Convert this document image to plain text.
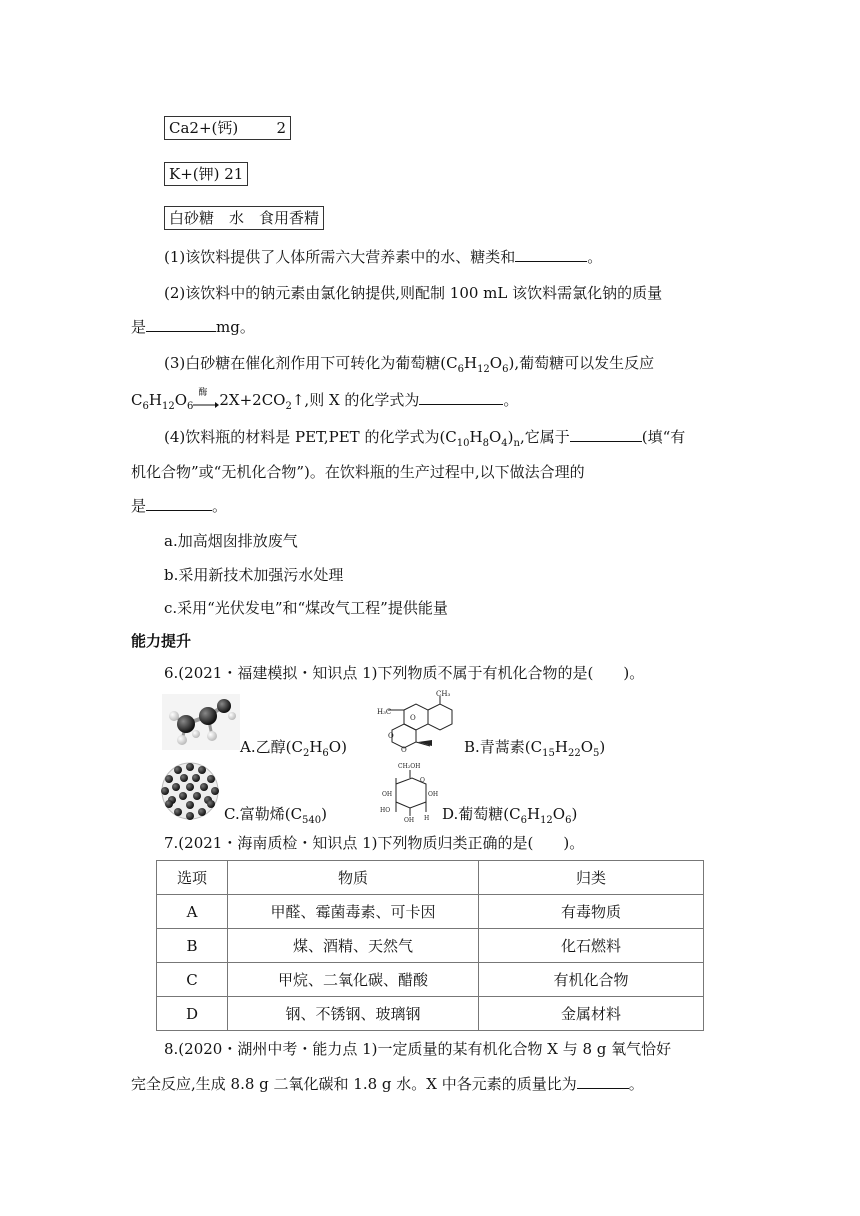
Ca2+(钙)	2
K+(钾) 21
白砂糖　水　食用香精
(1)该饮料提供了人体所需六大营养素中的水、糖类和	。
(2)该饮料中的钠元素由氯化钠提供,则配制 100 mL 该饮料需氯化钠的质量
是	mg。
(3)白砂糖在催化剂作用下可转化为葡萄糖$(C_6H_{12}O_6)$,葡萄糖可以发生反应
$C_6H_{12}O_6$
酶 $2X+2CO_2↑$,则 X 的化学式为	。
(4)饮料瓶的材料是 PET,PET 的化学式为$(C_{10}H_8O_4)_n$,它属于	(填“有
机化合物”或“无机化合物”)。在饮料瓶的生产过程中,以下做法合理的
是	。
a.加高烟囱排放废气
b.采用新技术加强污水处理
c.采用“光伏发电”和“煤改气工程”提供能量
能力提升
6.(2021・福建模拟・知识点 1)下列物质不属于有机化合物的是(　　)。
A.乙醇$(C_2H_6O)$
H₃C
CH₃
O
O
O	B.青蒿素$(C_{15}H_{22}O_5)$
C.富勒烯$(C_{540})$
CH₂OH
O
OH	OH
HO
OH H D.葡萄糖$(C_6H_{12}O_6)$
7.(2021・海南质检・知识点 1)下列物质归类正确的是(　　)。
选项	物质	归类
A	甲醛、霉菌毒素、可卡因	有毒物质
B	煤、酒精、天然气	化石燃料
C	甲烷、二氧化碳、醋酸	有机化合物
D	钢、不锈钢、玻璃钢	金属材料
8.(2020・湖州中考・能力点 1)一定质量的某有机化合物 X 与 8 g 氧气恰好
完全反应,生成 8.8 g 二氧化碳和 1.8 g 水。X 中各元素的质量比为	。
